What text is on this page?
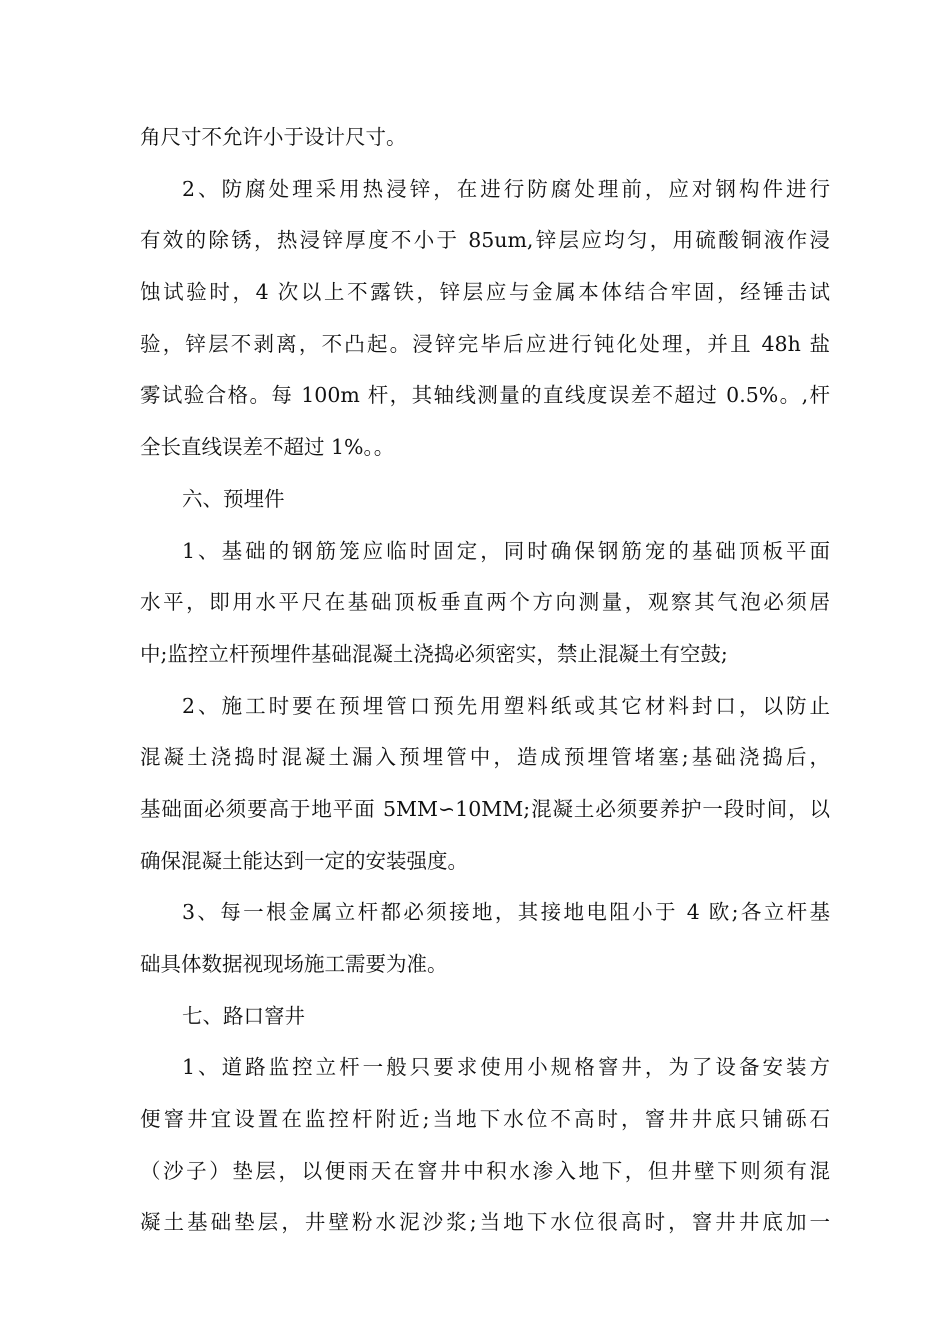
角尺寸不允许小于设计尺寸。
2、防腐处理采用热浸锌，在进行防腐处理前，应对钢构件进行
有效的除锈，热浸锌厚度不小于 85um,锌层应均匀，用硫酸铜液作浸
蚀试验时，4 次以上不露铁，锌层应与金属本体结合牢固，经锤击试
验，锌层不剥离，不凸起。浸锌完毕后应进行钝化处理，并且 48h 盐
雾试验合格。每 100m 杆，其轴线测量的直线度误差不超过 0.5%。,杆
全长直线误差不超过 1%。。
六、预埋件
1、基础的钢筋笼应临时固定，同时确保钢筋宠的基础顶板平面
水平，即用水平尺在基础顶板垂直两个方向测量，观察其气泡必须居
中;监控立杆预埋件基础混凝土浇捣必须密实，禁止混凝土有空鼓;
2、施工时要在预埋管口预先用塑料纸或其它材料封口，以防止
混凝土浇捣时混凝土漏入预埋管中，造成预埋管堵塞;基础浇捣后，
基础面必须要高于地平面 5MM∽10MM;混凝土必须要养护一段时间，以
确保混凝土能达到一定的安装强度。
3、每一根金属立杆都必须接地，其接地电阻小于 4 欧;各立杆基
础具体数据视现场施工需要为准。
七、路口窨井
1、道路监控立杆一般只要求使用小规格窨井，为了设备安装方
便窨井宜设置在监控杆附近;当地下水位不高时，窨井井底只铺砾石
（沙子）垫层，以便雨天在窨井中积水渗入地下，但井壁下则须有混
凝土基础垫层，井壁粉水泥沙浆;当地下水位很高时，窨井井底加一
